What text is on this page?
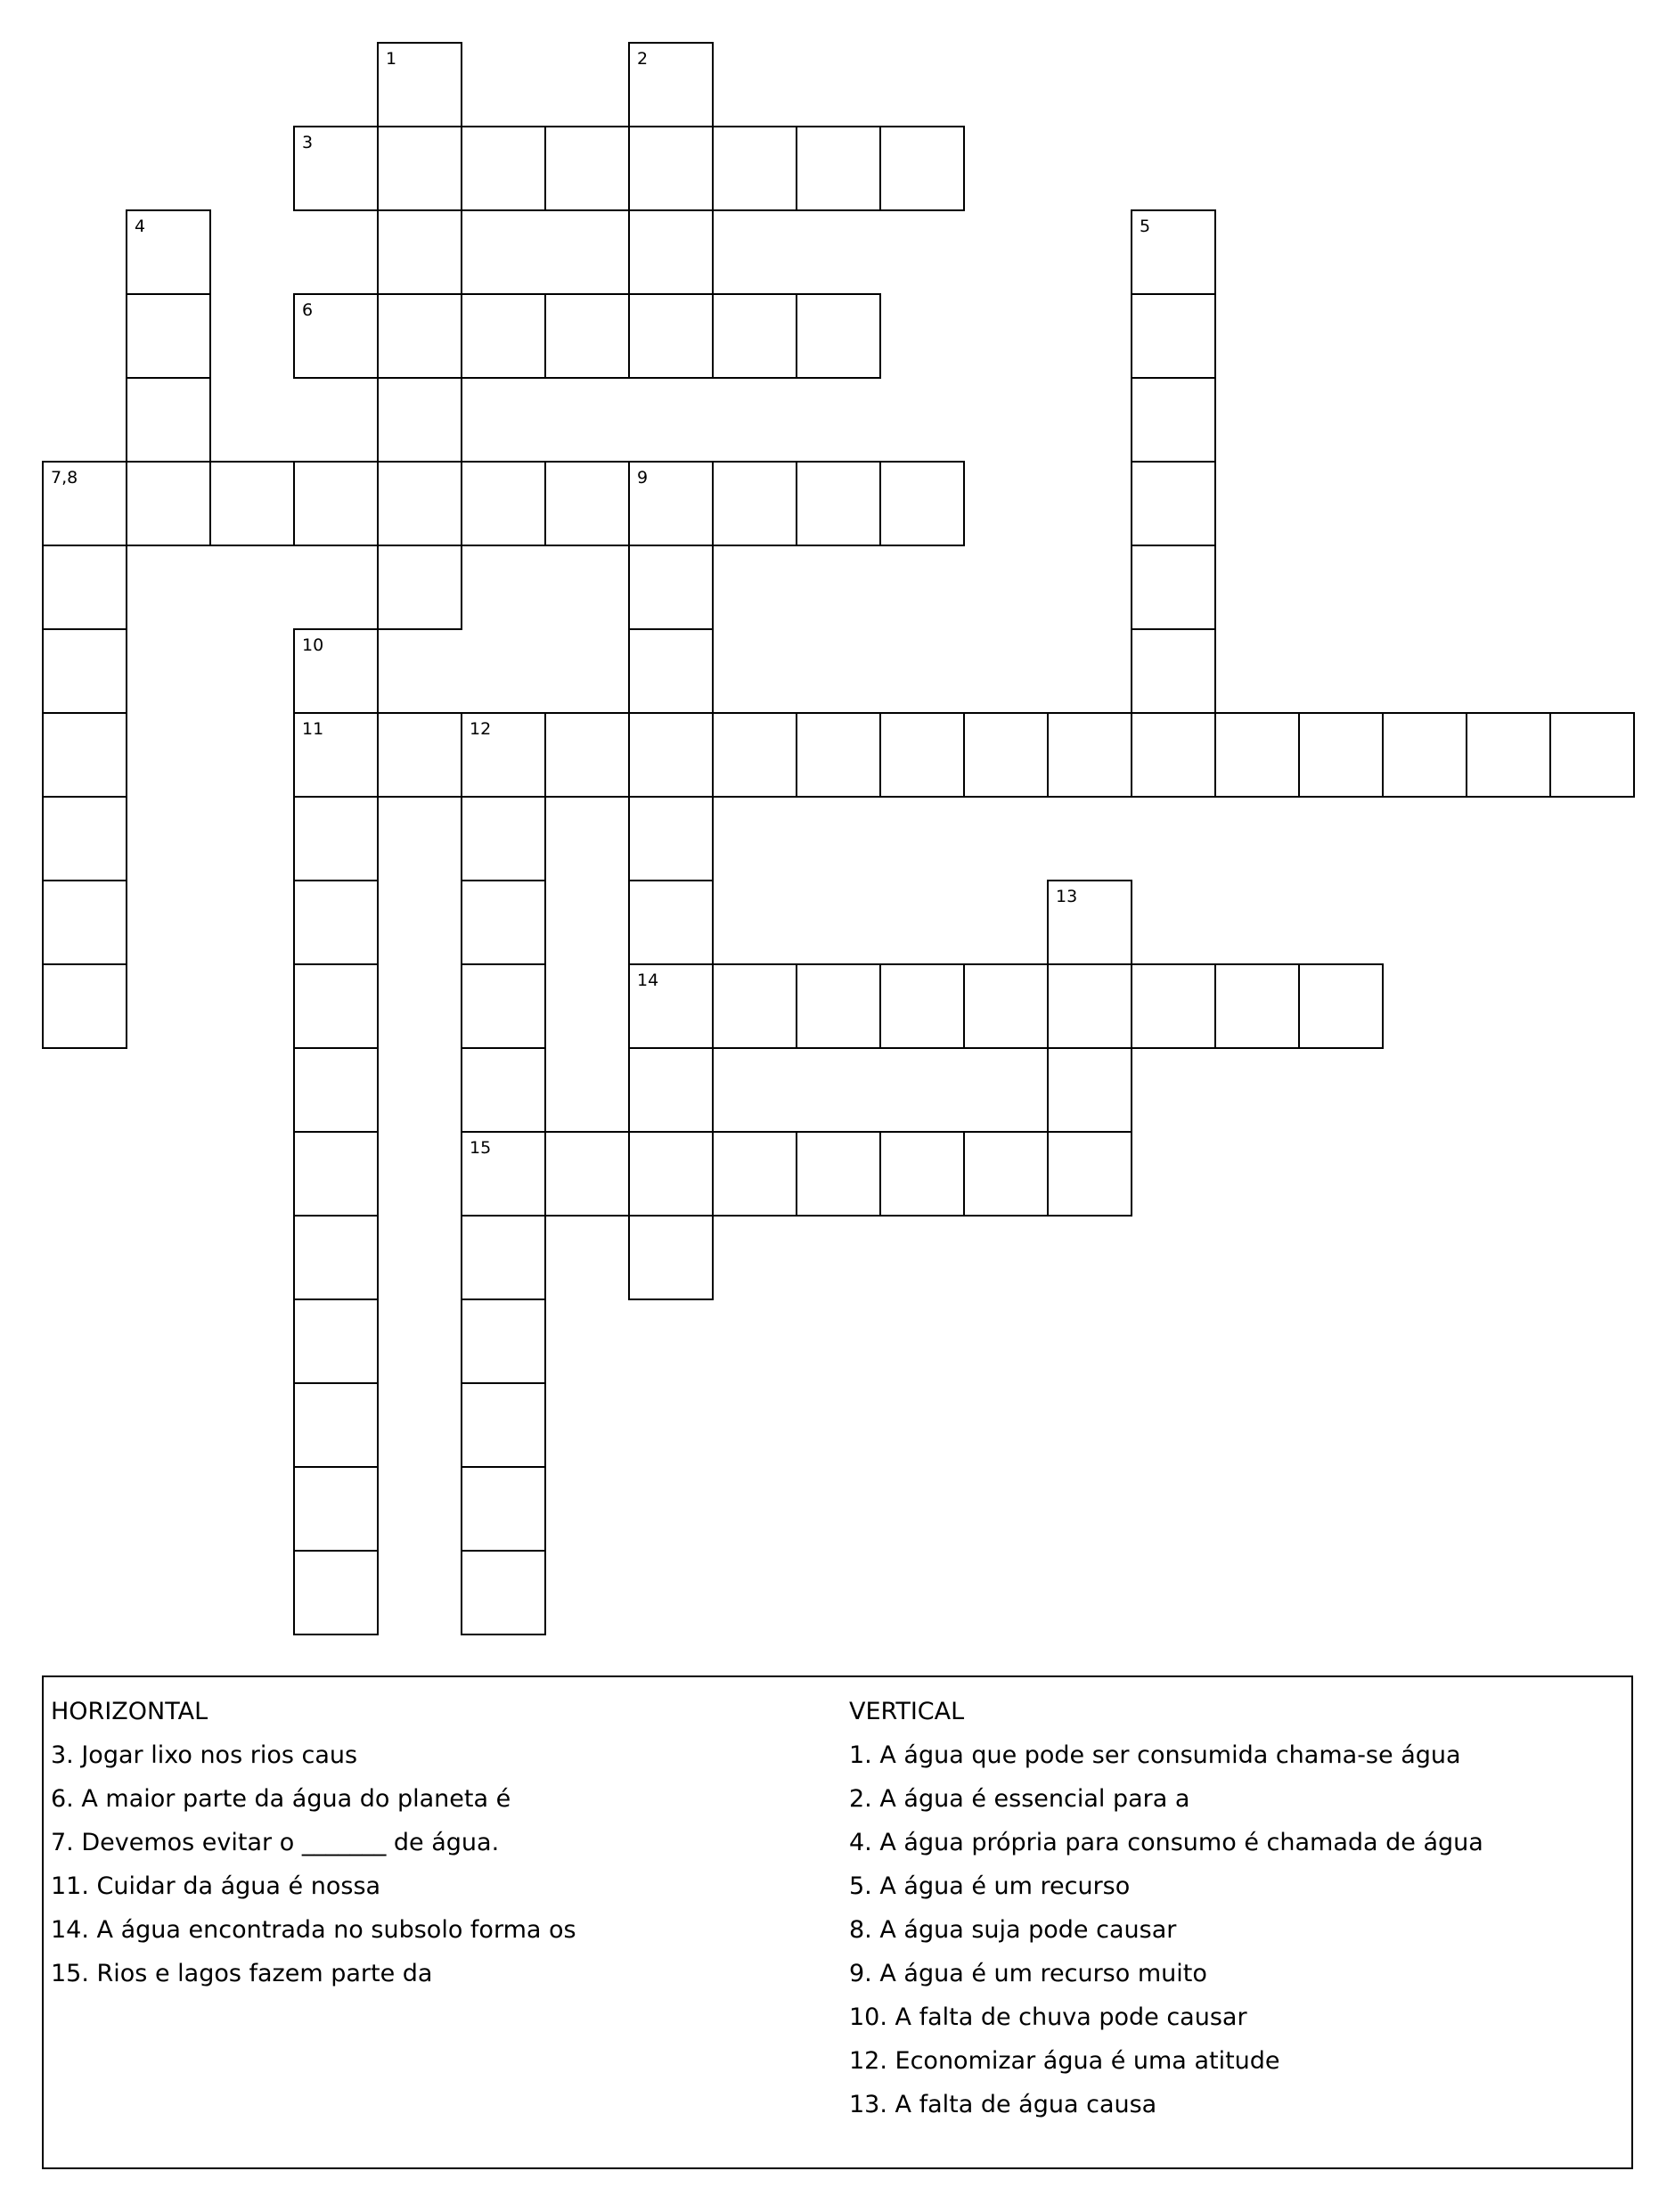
1	2
3
4	5
6
7,8	9
10
11	12
13
14
15
HORIZONTAL
3. Jogar lixo nos rios caus
6. A maior parte da água do planeta é
7. Devemos evitar o _______ de água.
11. Cuidar da água é nossa
14. A água encontrada no subsolo forma os
15. Rios e lagos fazem parte da
VERTICAL
1. A água que pode ser consumida chama-se água
2. A água é essencial para a
4. A água própria para consumo é chamada de água
5. A água é um recurso
8. A água suja pode causar
9. A água é um recurso muito
10. A falta de chuva pode causar
12. Economizar água é uma atitude
13. A falta de água causa
